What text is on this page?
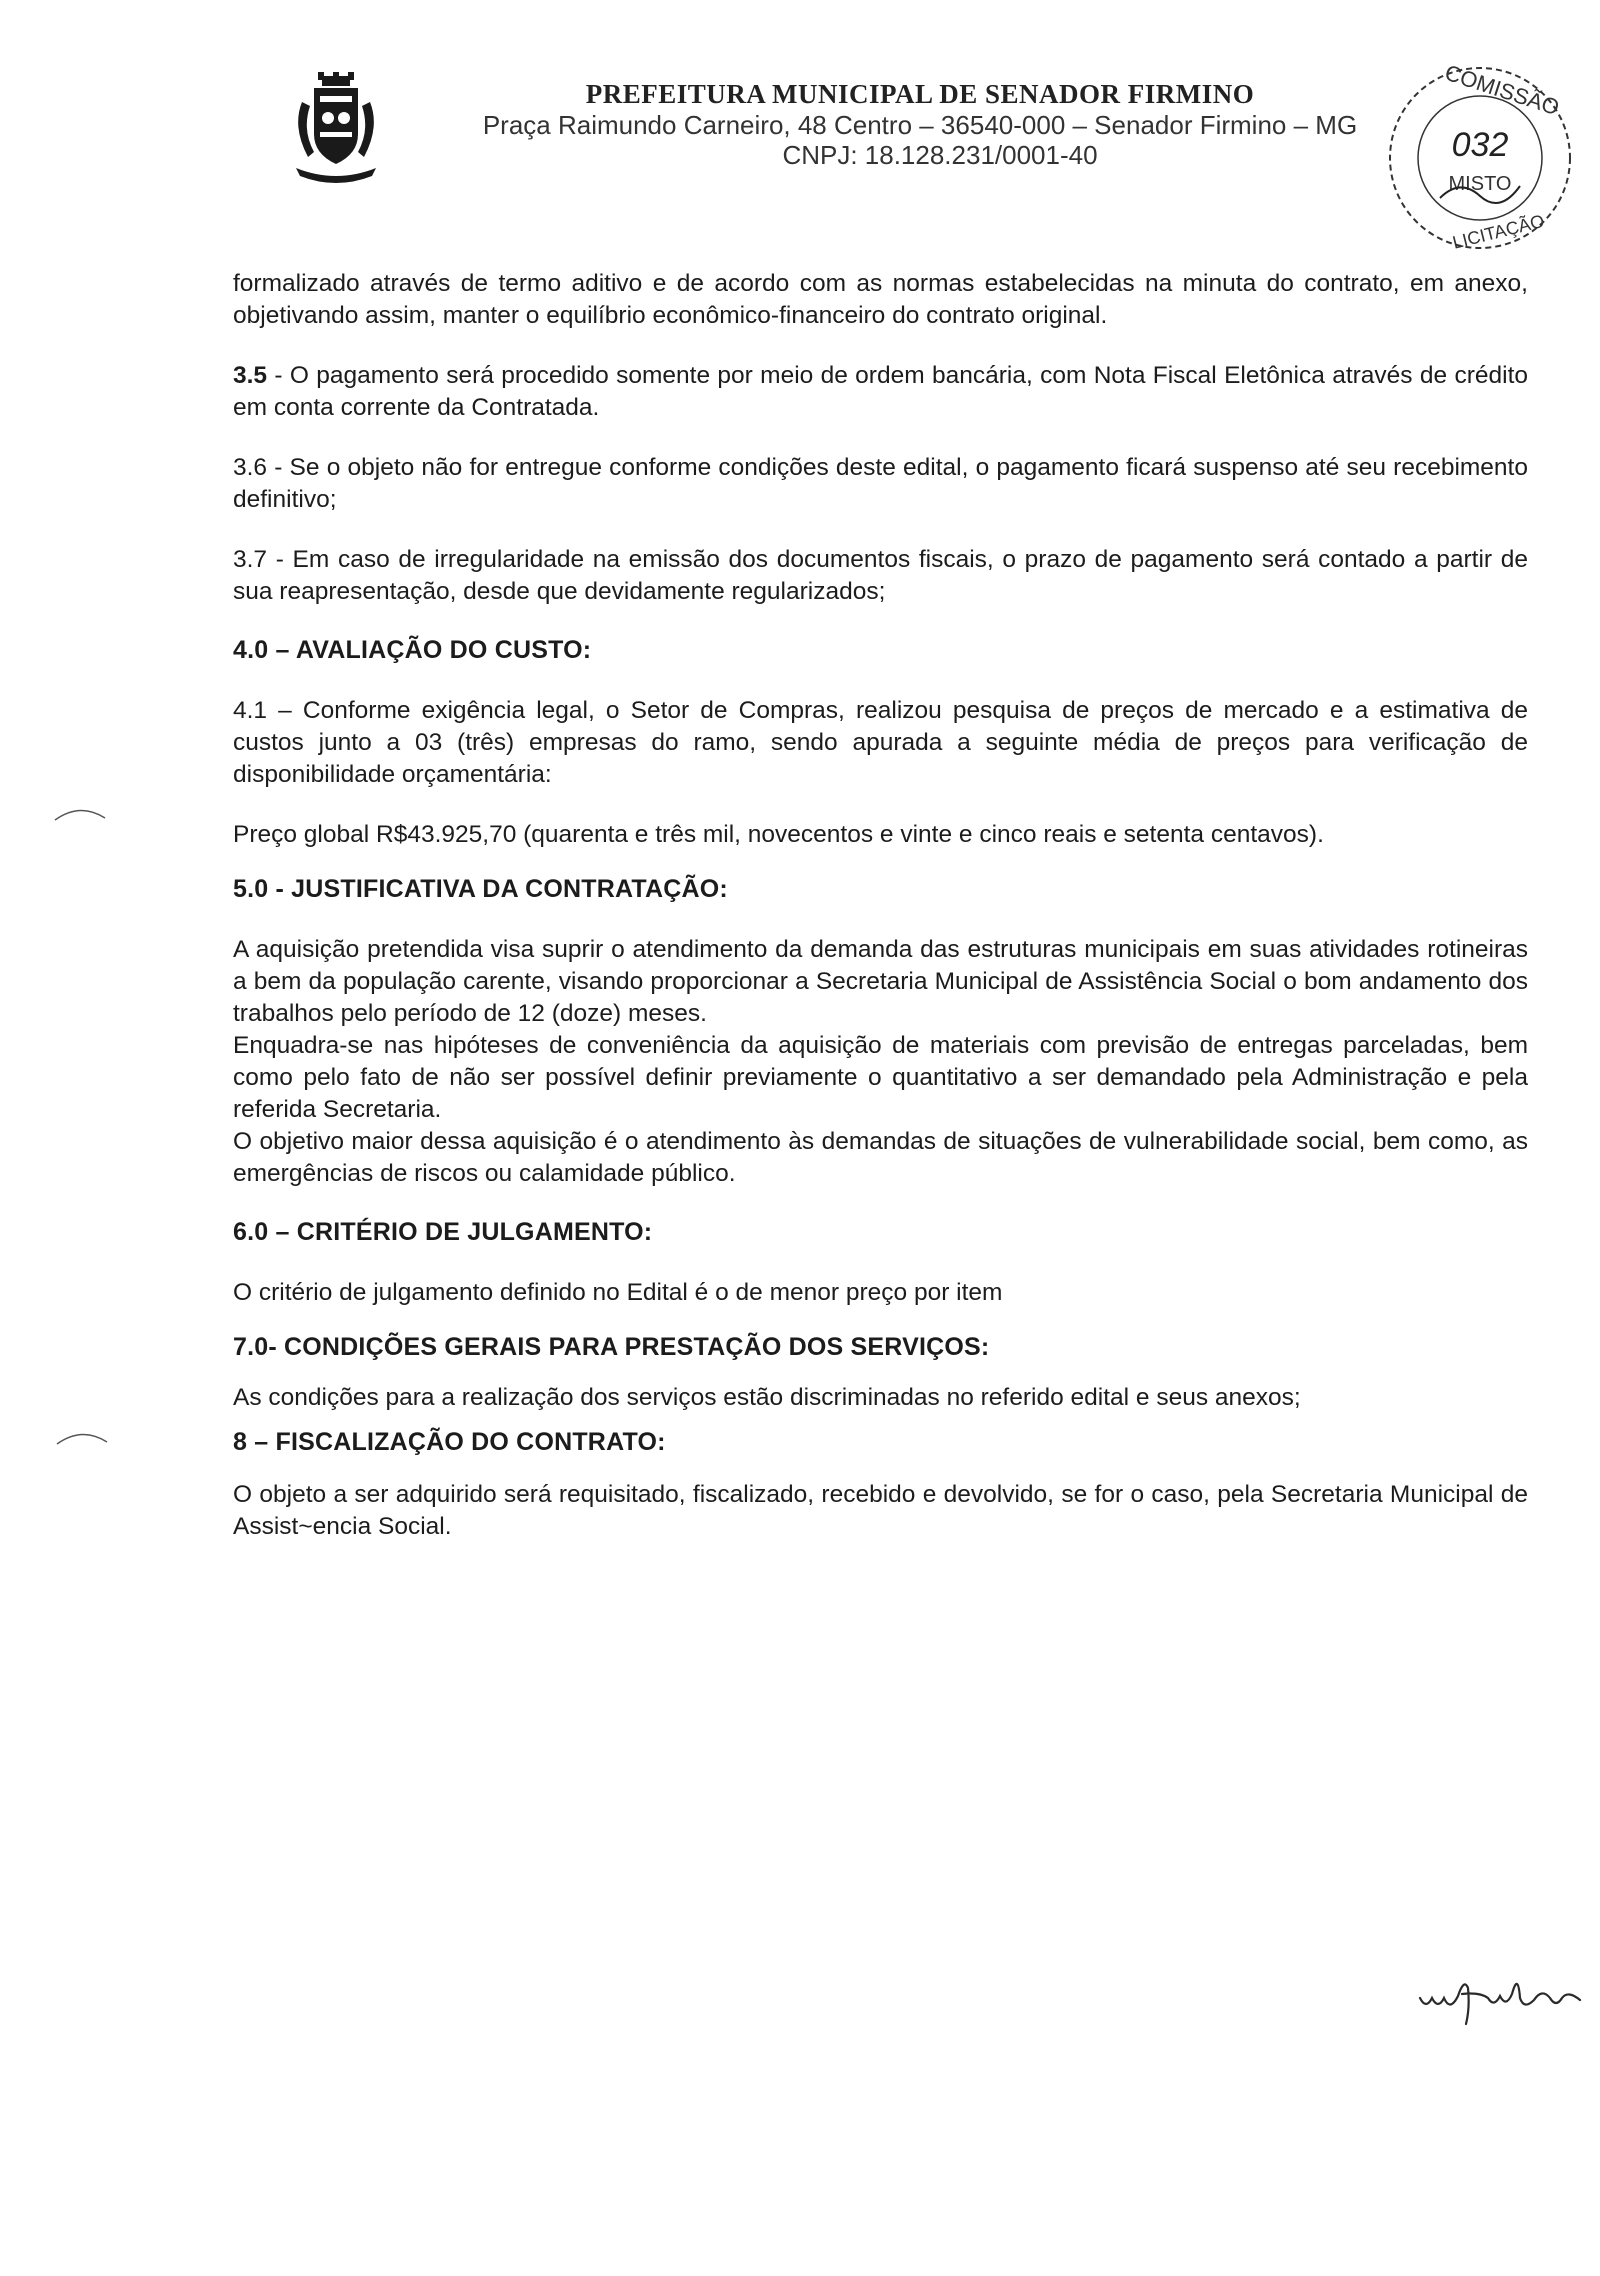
PREFEITURA MUNICIPAL DE SENADOR FIRMINO
Praça Raimundo Carneiro, 48 Centro – 36540-000 – Senador Firmino – MG
CNPJ: 18.128.231/0001-40
COMISSÃO
032
MISTO
LICITAÇÃO

formalizado através de termo aditivo e de acordo com as normas estabelecidas na minuta do contrato, em anexo, objetivando assim, manter o equilíbrio econômico-financeiro do contrato original.

3.5 - O pagamento será procedido somente por meio de ordem bancária, com Nota Fiscal Eletônica através de crédito em conta corrente da Contratada.

3.6 - Se o objeto não for entregue conforme condições deste edital, o pagamento ficará suspenso até seu recebimento definitivo;

3.7 - Em caso de irregularidade na emissão dos documentos fiscais, o prazo de pagamento será contado a partir de sua reapresentação, desde que devidamente regularizados;

4.0 – AVALIAÇÃO DO CUSTO:

4.1 – Conforme exigência legal, o Setor de Compras, realizou pesquisa de preços de mercado e a estimativa de custos junto a 03 (três) empresas do ramo, sendo apurada a seguinte média de preços para verificação de disponibilidade orçamentária:

Preço global R$43.925,70 (quarenta e três mil, novecentos e vinte e cinco reais e setenta centavos).

5.0 - JUSTIFICATIVA DA CONTRATAÇÃO:

A aquisição pretendida visa suprir o atendimento da demanda das estruturas municipais em suas atividades rotineiras a bem da população carente, visando proporcionar a Secretaria Municipal de Assistência Social o bom andamento dos trabalhos pelo período de 12 (doze) meses.

Enquadra-se nas hipóteses de conveniência da aquisição de materiais com previsão de entregas parceladas, bem como pelo fato de não ser possível definir previamente o quantitativo a ser demandado pela Administração e pela referida Secretaria.

O objetivo maior dessa aquisição é o atendimento às demandas de situações de vulnerabilidade social, bem como, as emergências de riscos ou calamidade público.

6.0 – CRITÉRIO DE JULGAMENTO:

O critério de julgamento definido no Edital é o de menor preço por item

7.0- CONDIÇÕES GERAIS PARA PRESTAÇÃO DOS SERVIÇOS:

As condições para a realização dos serviços estão discriminadas no referido edital e seus anexos;

8 – FISCALIZAÇÃO DO CONTRATO:

O objeto a ser adquirido será requisitado, fiscalizado, recebido e devolvido, se for o caso, pela Secretaria Municipal de Assist~encia Social.
